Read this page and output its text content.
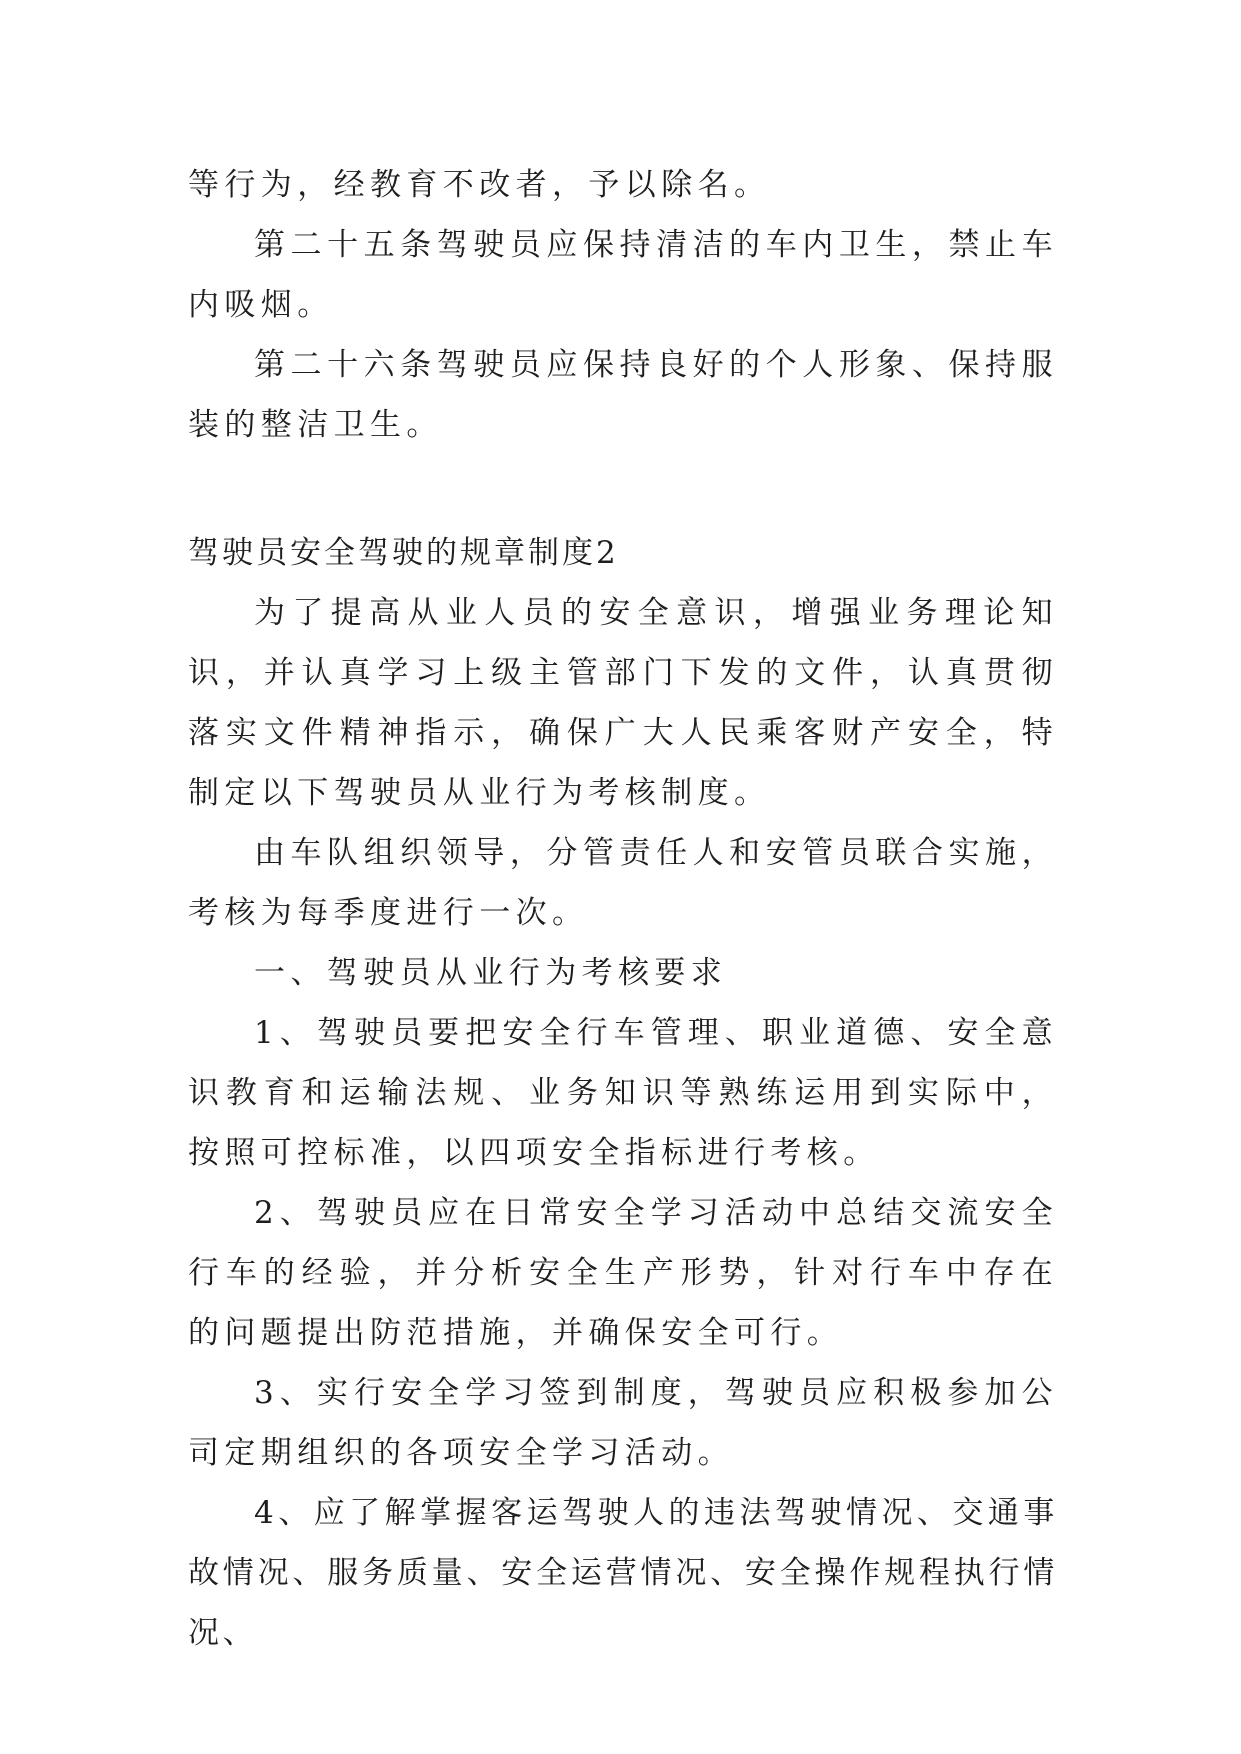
等行为，经教育不改者，予以除名。

第二十五条驾驶员应保持清洁的车内卫生，禁止车内吸烟。

第二十六条驾驶员应保持良好的个人形象、保持服装的整洁卫生。

驾驶员安全驾驶的规章制度2

为了提高从业人员的安全意识，增强业务理论知识，并认真学习上级主管部门下发的文件，认真贯彻落实文件精神指示，确保广大人民乘客财产安全，特制定以下驾驶员从业行为考核制度。

由车队组织领导，分管责任人和安管员联合实施，考核为每季度进行一次。

一、驾驶员从业行为考核要求

1、驾驶员要把安全行车管理、职业道德、安全意识教育和运输法规、业务知识等熟练运用到实际中，按照可控标准，以四项安全指标进行考核。

2、驾驶员应在日常安全学习活动中总结交流安全行车的经验，并分析安全生产形势，针对行车中存在的问题提出防范措施，并确保安全可行。

3、实行安全学习签到制度，驾驶员应积极参加公司定期组织的各项安全学习活动。

4、应了解掌握客运驾驶人的违法驾驶情况、交通事故情况、服务质量、安全运营情况、安全操作规程执行情况、
